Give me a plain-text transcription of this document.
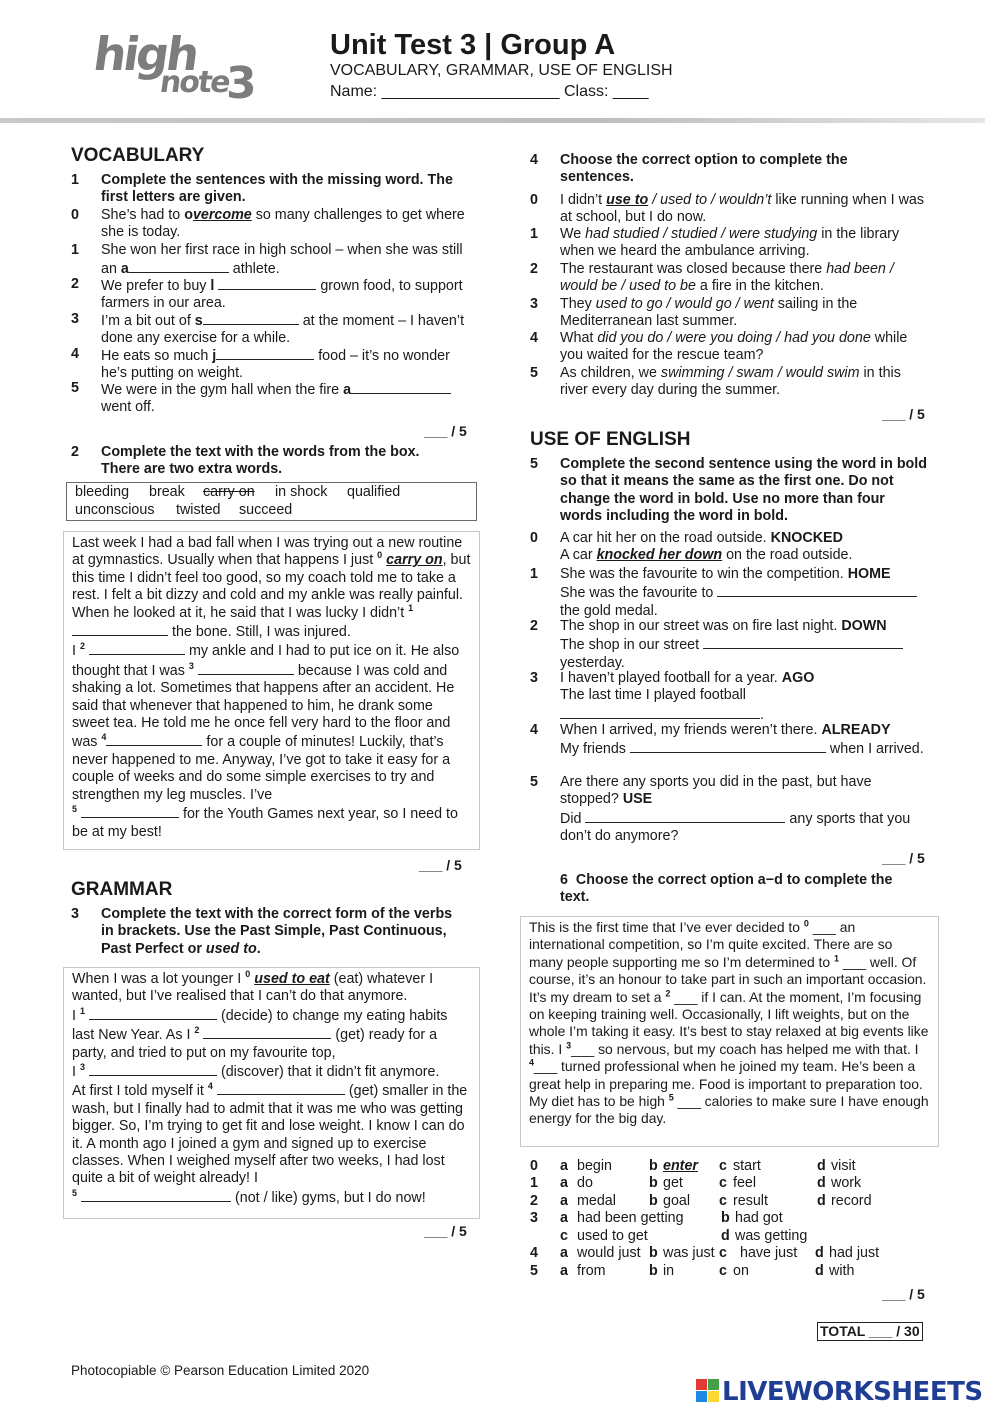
high
note
3
Unit Test 3 | Group A
VOCABULARY, GRAMMAR, USE OF ENGLISH
Name: ____________________ Class: ____
VOCABULARY
1 Complete the sentences with the missing word. The first letters are given.
0 She’s had to overcome so many challenges to get where she is today.
1 She won her first race in high school – when she was still an a	athlete.
2 We prefer to buy l	grown food, to support farmers in our area.
3 I’m a bit out of s	at the moment – I haven’t done any exercise for a while.
4 He eats so much j	food – it’s no wonder he’s putting on weight.
5 We were in the gym hall when the fire a went off.
___ / 5
2 Complete the text with the words from the box. There are two extra words.
bleeding break carry on in shock qualified
unconscious twisted succeed
Last week I had a bad fall when I was trying out a new routine at gymnastics. Usually when that happens I just $^0$ carry on, but this time I didn’t feel too good, so my coach told me to take a rest. I felt a bit dizzy and cold and my ankle was really painful. When he looked at it, he said that I was lucky I didn’t $^1$  the bone. Still, I was injured.
I $^2$	my ankle and I had to put ice on it. He also thought that I was $^3$	because I was cold and shaking a lot. Sometimes that happens after an accident. He said that whenever that happened to him, he drank some sweet tea. He told me he once fell very hard to the floor and was $^4$	for a couple of minutes! Luckily, that’s never happened to me. Anyway, I’ve got to take it easy for a couple of weeks and do some simple exercises to try and strengthen my leg muscles. I’ve
$^5$	for the Youth Games next year, so I need to be at my best!
___ / 5
GRAMMAR
3 Complete the text with the correct form of the verbs in brackets. Use the Past Simple, Past Continuous, Past Perfect or used to.
When I was a lot younger I $^0$ used to eat (eat) whatever I wanted, but I’ve realised that I can’t do that anymore.
I $^1$	(decide) to change my eating habits last New Year. As I $^2$	(get) ready for a party, and tried to put on my favourite top,
I $^3$	(discover) that it didn’t fit anymore.
At first I told myself it $^4$	(get) smaller in the wash, but I finally had to admit that it was me who was getting bigger. So, I’m trying to get fit and lose weight. I know I can do it. A month ago I joined a gym and signed up to exercise classes. When I weighed myself after two weeks, I had lost quite a bit of weight already! I
$^5$	(not / like) gyms, but I do now!
___ / 5
4 Choose the correct option to complete the sentences.
0 I didn’t use to / used to / wouldn’t like running when I was at school, but I do now.
1 We had studied / studied / were studying in the library when we heard the ambulance arriving.
2 The restaurant was closed because there had been / would be / used to be a fire in the kitchen.
3 They used to go / would go / went sailing in the Mediterranean last summer.
4 What did you do / were you doing / had you done while you waited for the rescue team?
5 As children, we swimming / swam / would swim in this river every day during the summer.
___ / 5
USE OF ENGLISH
5 Complete the second sentence using the word in bold so that it means the same as the first one. Do not change the word in bold. Use no more than four words including the word in bold.
0 A car hit her on the road outside. KNOCKED
A car knocked her down on the road outside.
1 She was the favourite to win the competition. HOME
She was the favourite to
the gold medal.
2 The shop in our street was on fire last night. DOWN
The shop in our street
yesterday.
3 I haven’t played football for a year. AGO
The last time I played football
.
4 When I arrived, my friends weren’t there. ALREADY
My friends	when I arrived.
5 Are there any sports you did in the past, but have stopped? USE
Did	any sports that you don’t do anymore?
___ / 5
6 Choose the correct option a−d to complete the text.
This is the first time that I’ve ever decided to $^0$ ___ an international competition, so I’m quite excited. There are so many people supporting me so I’m determined to $^1$ ___ well. Of course, it’s an honour to take part in such an important occasion. It’s my dream to set a $^2$ ___ if I can. At the moment, I’m focusing on keeping training well. Occasionally, I lift weights, but on the whole I’m taking it easy. It’s best to stay relaxed at big events like this. I $^3$___ so nervous, but my coach has helped me with that. I $^4$___ turned professional when he joined my team. He’s been a great help in preparing me. Food is important to preparation too. My diet has to be high $^5$ ___ calories to make sure I have enough energy for the big day.
0 a begin	b enter c start	d visit
1 a do	b get	c feel	d work
2 a medal b goal c result	d record
3 a had been getting	b had got
c used to get	d was getting
4 a would just b was just c have just d had just
5 a from	b in	c on	d with
___ / 5
TOTAL ___ / 30
Photocopiable © Pearson Education Limited 2020
LIVEWORKSHEETS
